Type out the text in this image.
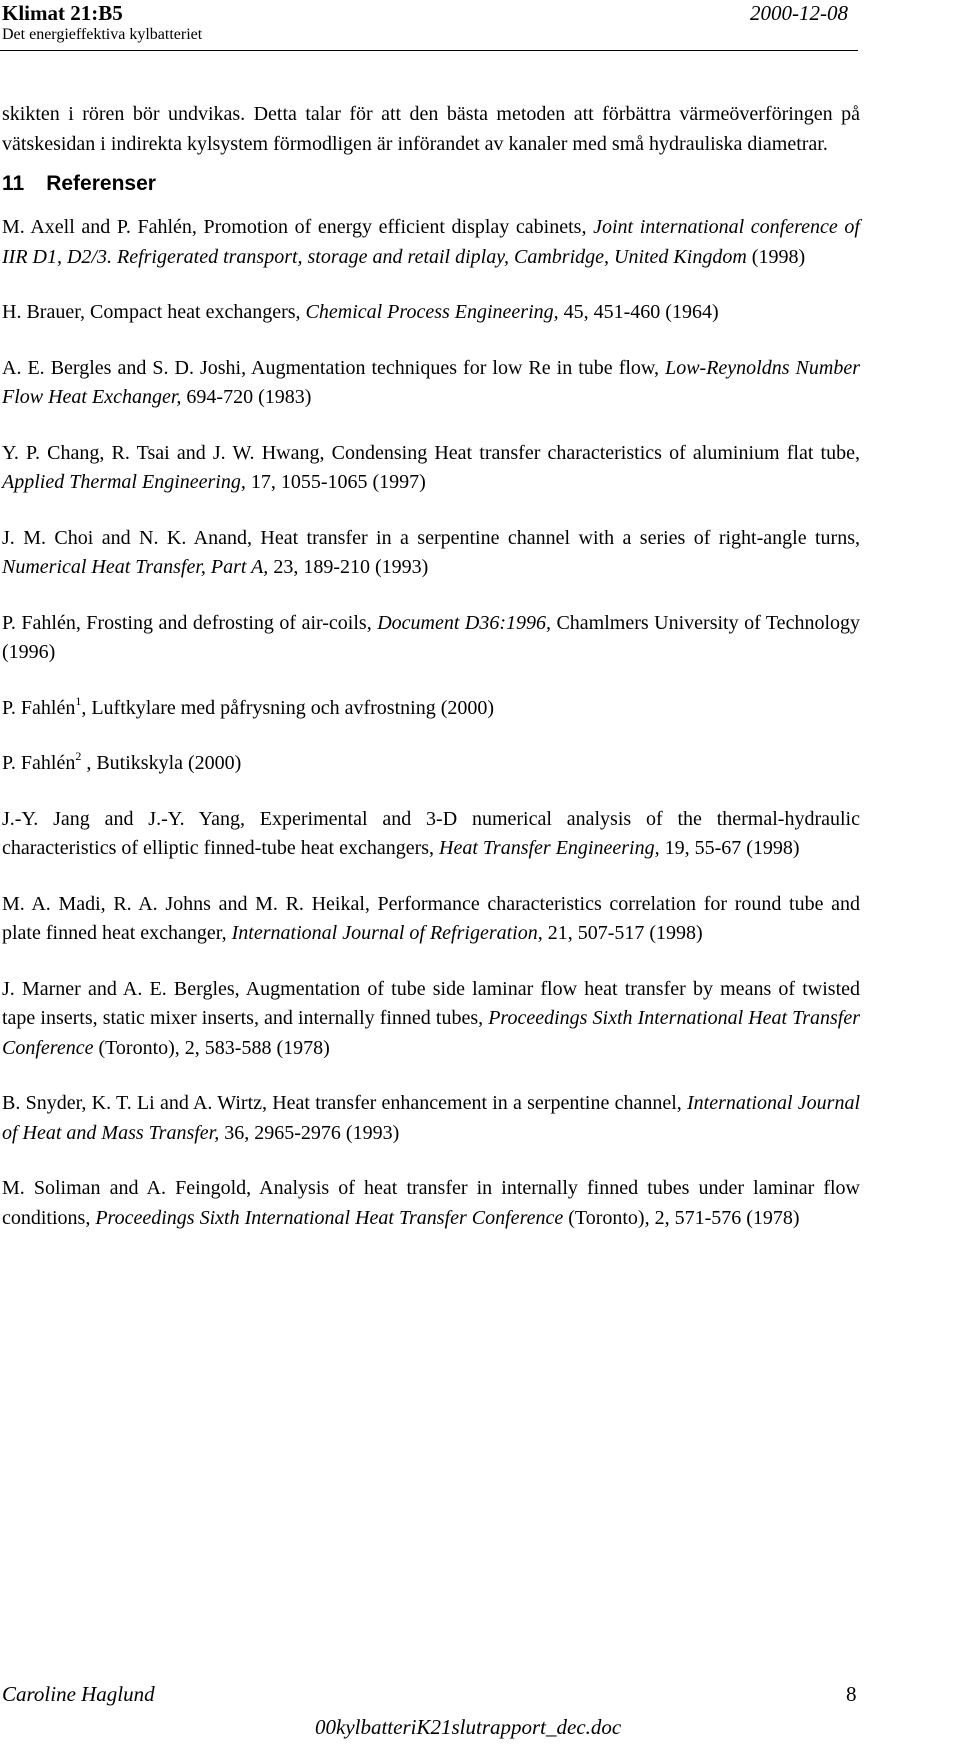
Klimat 21:B5
Det energieffektiva kylbatteriet
2000-12-08

skikten i rören bör undvikas. Detta talar för att den bästa metoden att förbättra värmeöverföringen på vätskesidan i indirekta kylsystem förmodligen är införandet av kanaler med små hydrauliska diametrar.

11 Referenser

M. Axell and P. Fahlén, Promotion of energy efficient display cabinets, Joint international conference of IIR D1, D2/3. Refrigerated transport, storage and retail diplay, Cambridge, United Kingdom (1998)

H. Brauer, Compact heat exchangers, Chemical Process Engineering, 45, 451-460 (1964)

A. E. Bergles and S. D. Joshi, Augmentation techniques for low Re in tube flow, Low-Reynoldns Number Flow Heat Exchanger, 694-720 (1983)

Y. P. Chang, R. Tsai and J. W. Hwang, Condensing Heat transfer characteristics of aluminium flat tube, Applied Thermal Engineering, 17, 1055-1065 (1997)

J. M. Choi and N. K. Anand, Heat transfer in a serpentine channel with a series of right-angle turns, Numerical Heat Transfer, Part A, 23, 189-210 (1993)

P. Fahlén, Frosting and defrosting of air-coils, Document D36:1996, Chamlmers University of Technology (1996)

P. Fahlén$^1$, Luftkylare med påfrysning och avfrostning (2000)

P. Fahlén$^2$ , Butikskyla (2000)

J.-Y. Jang and J.-Y. Yang, Experimental and 3-D numerical analysis of the thermal-hydraulic characteristics of elliptic finned-tube heat exchangers, Heat Transfer Engineering, 19, 55-67 (1998)

M. A. Madi, R. A. Johns and M. R. Heikal, Performance characteristics correlation for round tube and plate finned heat exchanger, International Journal of Refrigeration, 21, 507-517 (1998)

J. Marner and A. E. Bergles, Augmentation of tube side laminar flow heat transfer by means of twisted tape inserts, static mixer inserts, and internally finned tubes, Proceedings Sixth International Heat Transfer Conference (Toronto), 2, 583-588 (1978)

B. Snyder, K. T. Li and A. Wirtz, Heat transfer enhancement in a serpentine channel, International Journal of Heat and Mass Transfer, 36, 2965-2976 (1993)

M. Soliman and A. Feingold, Analysis of heat transfer in internally finned tubes under laminar flow conditions, Proceedings Sixth International Heat Transfer Conference (Toronto), 2, 571-576 (1978)

Caroline Haglund	8
00kylbatteriK21slutrapport_dec.doc
